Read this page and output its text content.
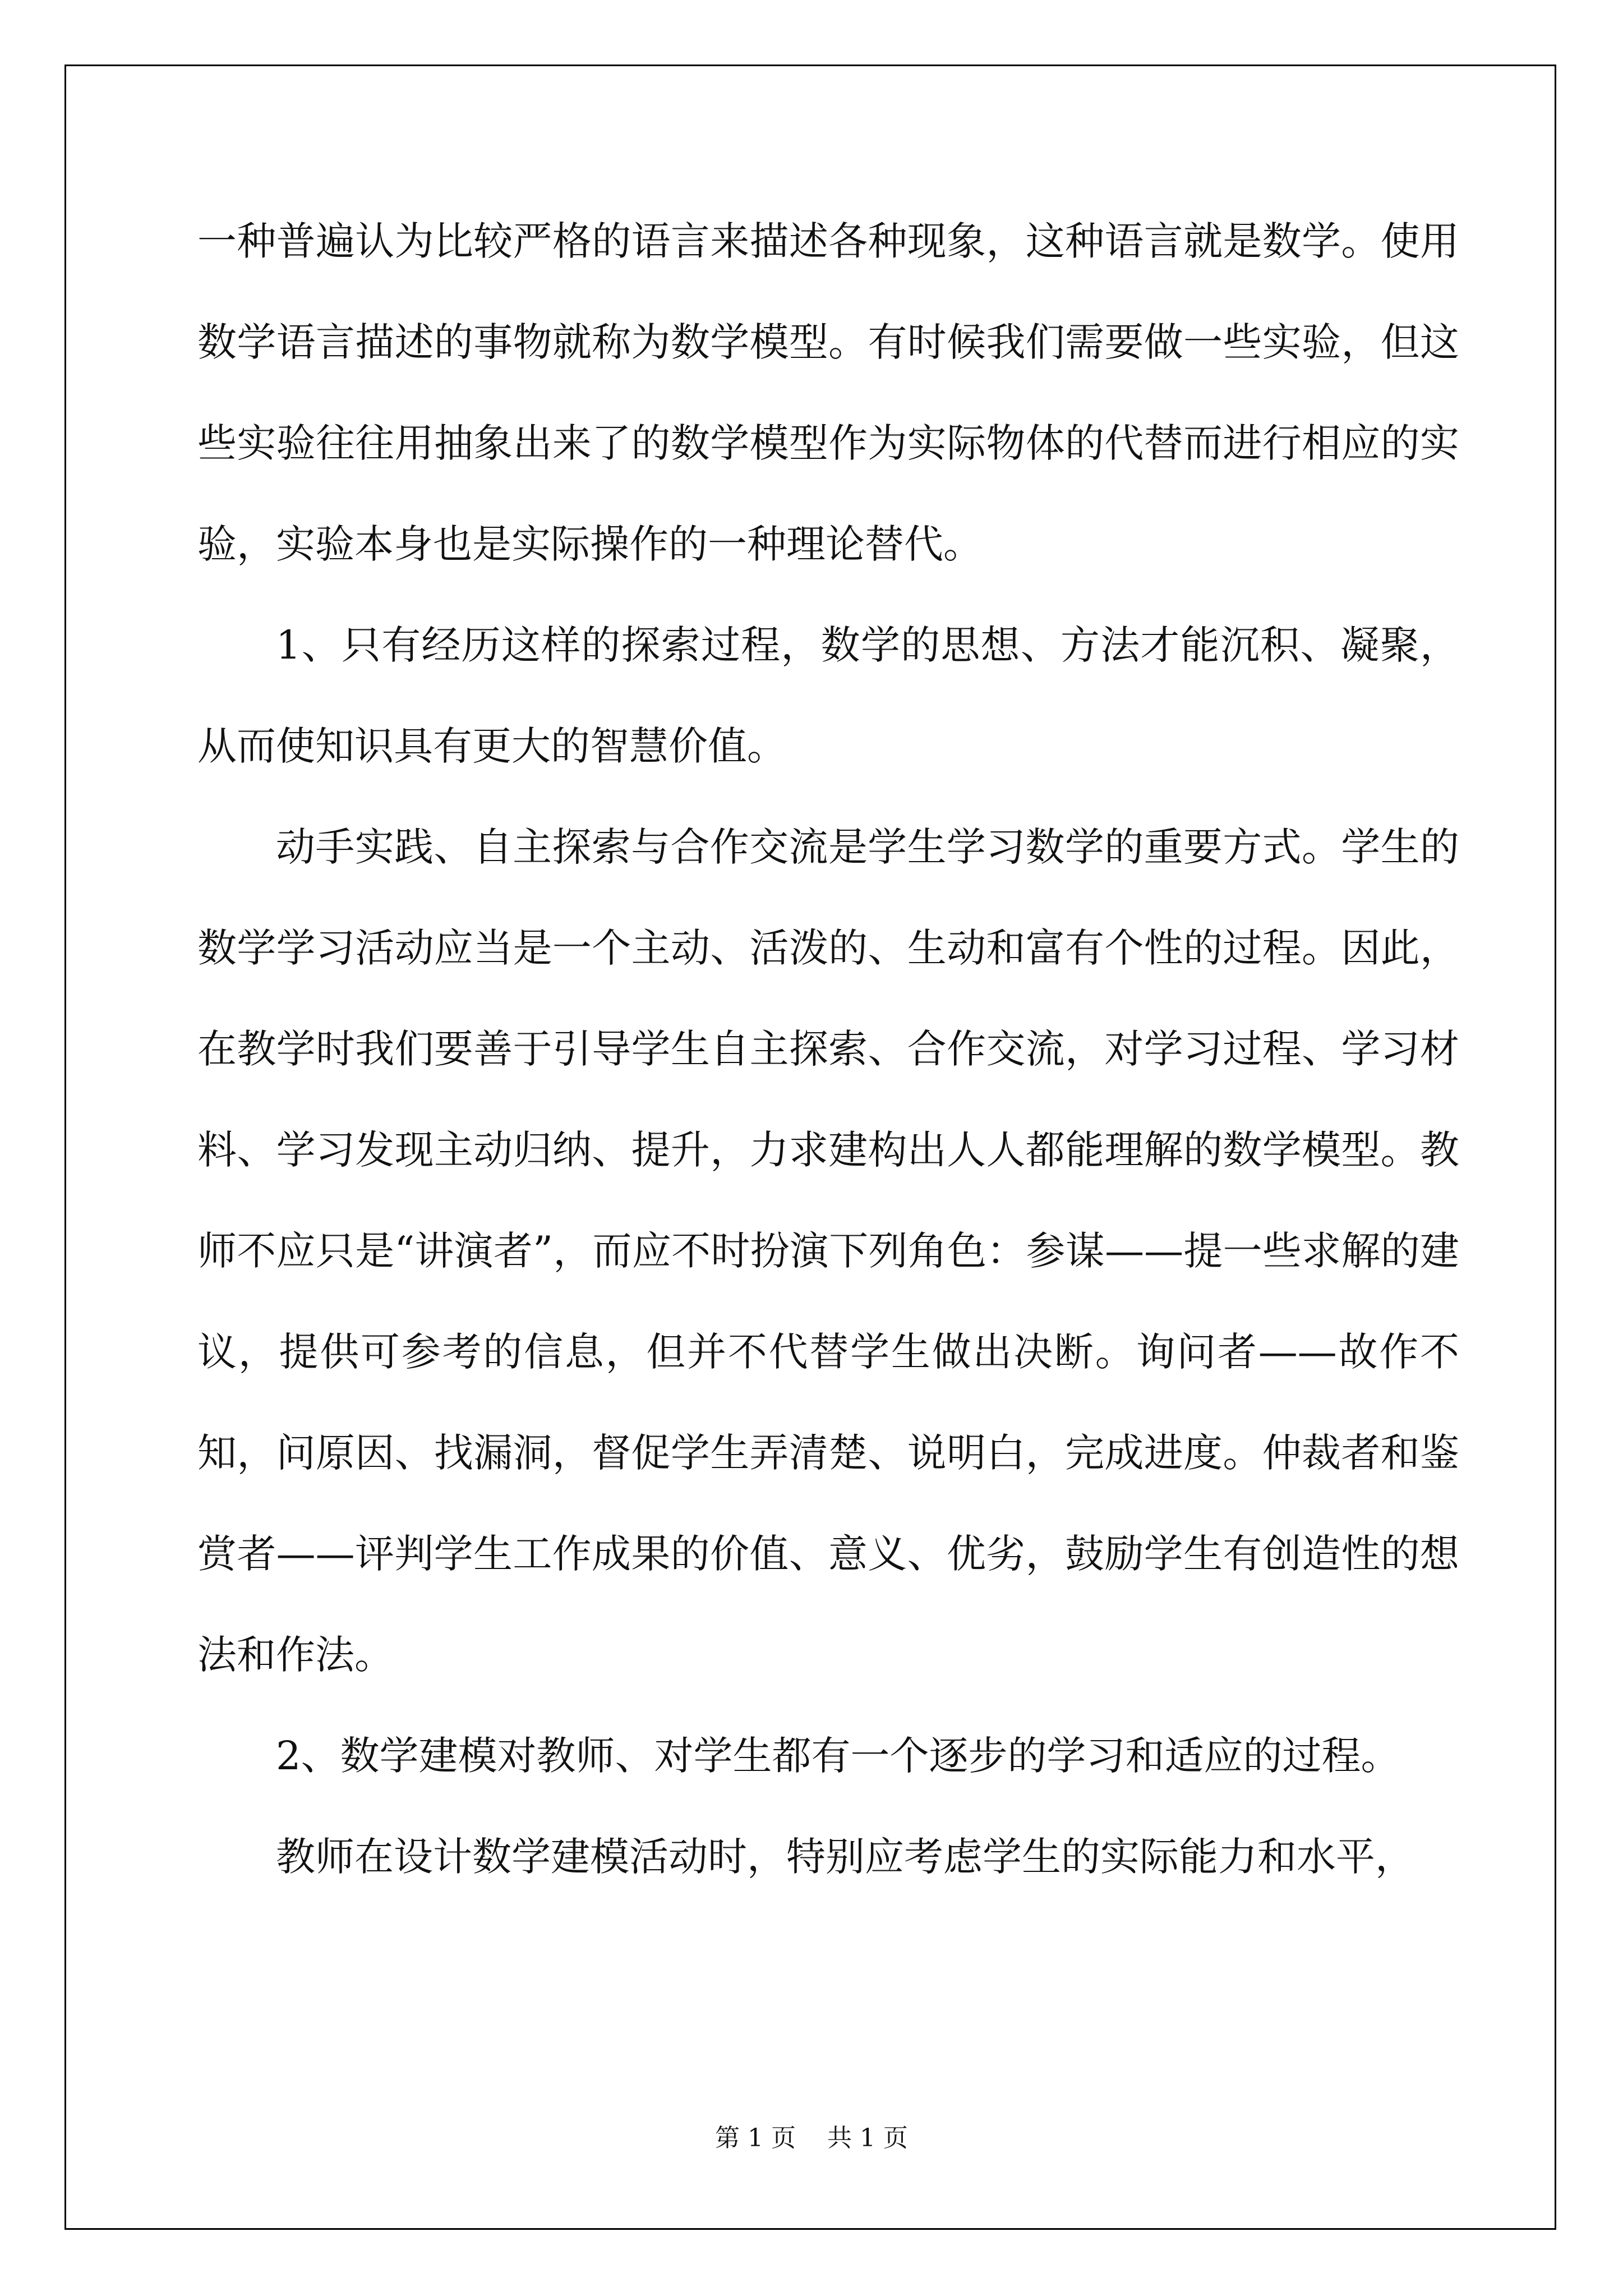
一种普遍认为比较严格的语言来描述各种现象，这种语言就是数学。使用数学语言描述的事物就称为数学模型。有时候我们需要做一些实验，但这些实验往往用抽象出来了的数学模型作为实际物体的代替而进行相应的实验，实验本身也是实际操作的一种理论替代。

1、只有经历这样的探索过程，数学的思想、方法才能沉积、凝聚，从而使知识具有更大的智慧价值。

动手实践、自主探索与合作交流是学生学习数学的重要方式。学生的数学学习活动应当是一个主动、活泼的、生动和富有个性的过程。因此，在教学时我们要善于引导学生自主探索、合作交流，对学习过程、学习材料、学习发现主动归纳、提升，力求建构出人人都能理解的数学模型。教师不应只是“讲演者”，而应不时扮演下列角色：参谋——提一些求解的建议，提供可参考的信息，但并不代替学生做出决断。询问者——故作不知，问原因、找漏洞，督促学生弄清楚、说明白，完成进度。仲裁者和鉴赏者——评判学生工作成果的价值、意义、优劣，鼓励学生有创造性的想法和作法。

2、数学建模对教师、对学生都有一个逐步的学习和适应的过程。

教师在设计数学建模活动时，特别应考虑学生的实际能力和水平，

第 1 页    共 1 页
